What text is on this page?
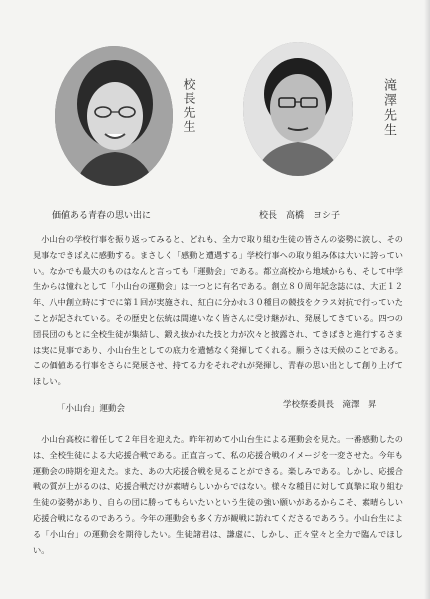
校長先生	滝澤先生
価値ある青春の思い出に	校長　高橋　ヨシ子

小山台の学校行事を振り返ってみると、どれも、全力で取り組む生徒の皆さんの姿勢に涙し、その見事なできばえに感動する。まさしく「感動と遭遇する」学校行事への取り組み体は大いに誇っていい。なかでも最大のものはなんと言っても「運動会」である。都立高校から地域からも、そして中学生からは憧れとして「小山台の運動会」は一つとに有名である。創立８０周年記念誌には、大正１２年、八中創立時にすでに第１回が実施され、紅白に分かれ３０種目の競技をクラス対抗で行っていたことが記されている。その歴史と伝統は間違いなく皆さんに受け継がれ、発展してきている。四つの団長団のもとに全校生徒が集結し、鍛え抜かれた技と力が次々と披露され、てきぱきと進行するさまは実に見事であり、小山台生としての底力を遺憾なく発揮してくれる。願うさは天候のことである。この価値ある行事をさらに発展させ、持てる力をそれぞれが発揮し、青春の思い出として創り上げてほしい。

「小山台」運動会	学校祭委員長　滝澤　昇

小山台高校に着任して２年目を迎えた。昨年初めて小山台生による運動会を見た。一番感動したのは、全校生徒による大応援合戦である。正直言って、私の応援合戦のイメージを一変させた。今年も運動会の時期を迎えた。また、あの大応援合戦を見ることができる。楽しみである。しかし、応援合戦の質が上がるのは、応援合戦だけが素晴らしいからではない。様々な種目に対して真摯に取り組む生徒の姿勢があり、自らの団に勝ってもらいたいという生徒の強い願いがあるからこそ、素晴らしい応援合戦になるのであろう。今年の運動会も多く方が観戦に訪れてくださるであろう。小山台生による「小山台」の運動会を期待したい。生徒諸君は、謙虚に、しかし、正々堂々と全力で臨んでほしい。
